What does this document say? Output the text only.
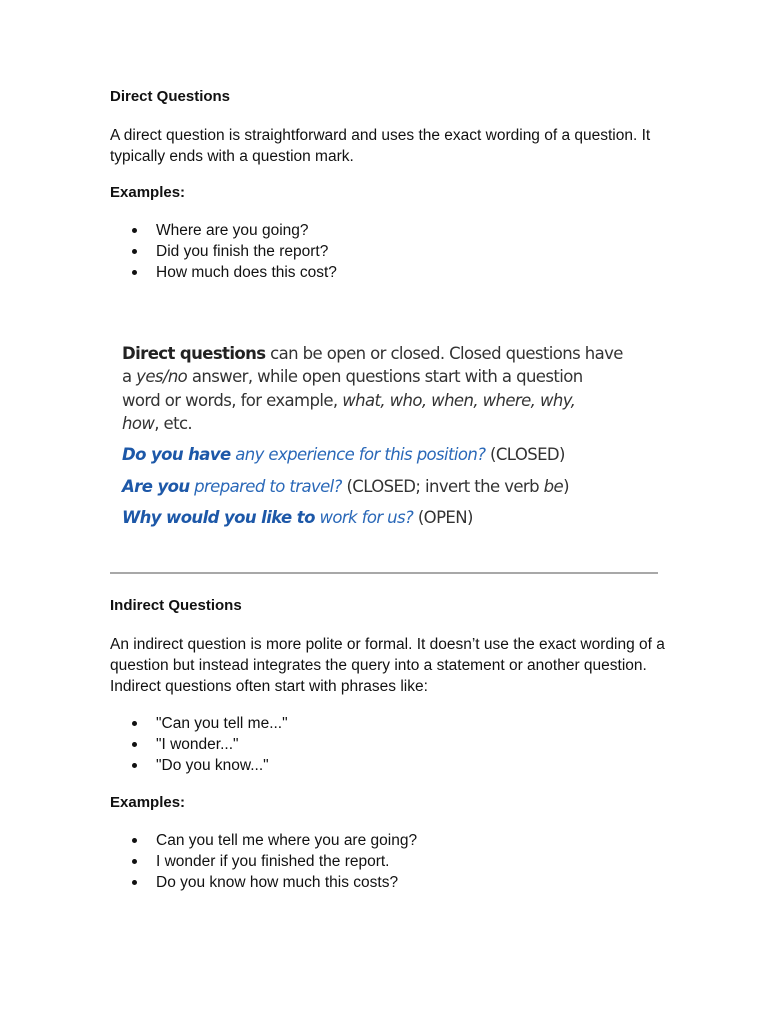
Direct Questions

A direct question is straightforward and uses the exact wording of a question. It typically ends with a question mark.

Examples:
Where are you going?
Did you finish the report?
How much does this cost?
Direct questions can be open or closed. Closed questions have
a yes/no answer, while open questions start with a question
word or words, for example, what, who, when, where, why,
how, etc.
Do you have any experience for this position? (CLOSED)
Are you prepared to travel? (CLOSED; invert the verb be)
Why would you like to work for us? (OPEN)
Indirect Questions

An indirect question is more polite or formal. It doesn’t use the exact wording of a question but instead integrates the query into a statement or another question. Indirect questions often start with phrases like:

"Can you tell me..."
"I wonder..."
"Do you know..."
Examples:
Can you tell me where you are going?
I wonder if you finished the report.
Do you know how much this costs?
